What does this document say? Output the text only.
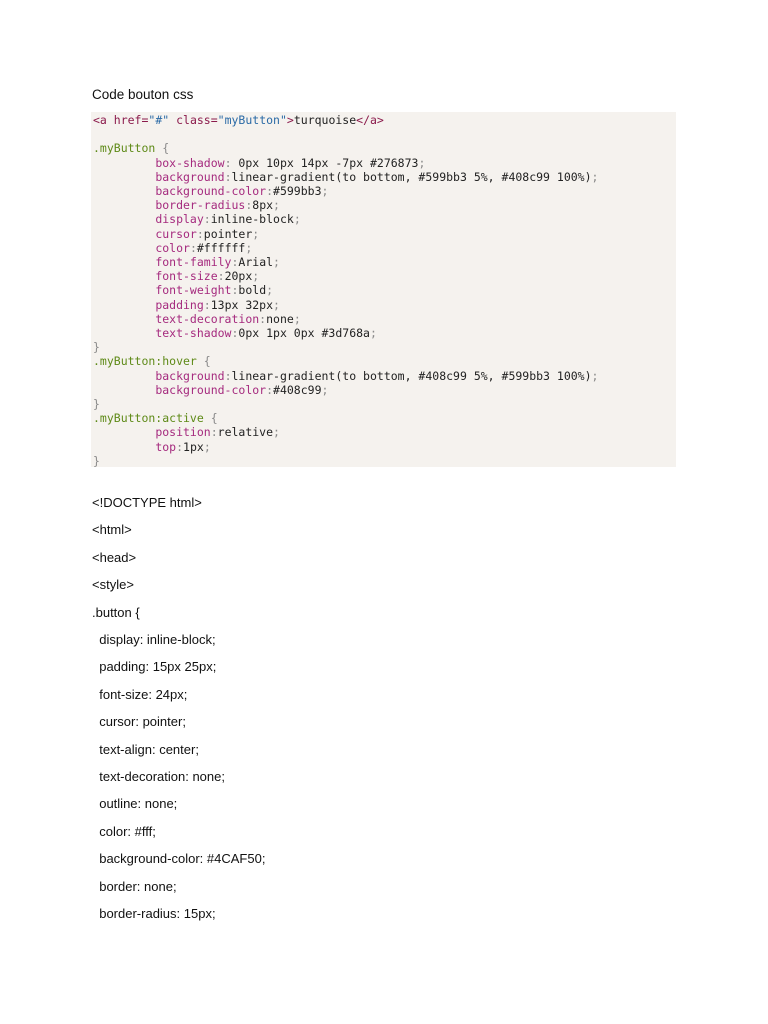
Code bouton css
<a href="#" class="myButton">turquoise</a>
.myButton {
box-shadow: 0px 10px 14px -7px #276873;
background:linear-gradient(to bottom, #599bb3 5%, #408c99 100%);
background-color:#599bb3;
border-radius:8px;
display:inline-block;
cursor:pointer;
color:#ffffff;
font-family:Arial;
font-size:20px;
font-weight:bold;
padding:13px 32px;
text-decoration:none;
text-shadow:0px 1px 0px #3d768a;
}
.myButton:hover {
background:linear-gradient(to bottom, #408c99 5%, #599bb3 100%);
background-color:#408c99;
}
.myButton:active {
position:relative;
top:1px;
}
<!DOCTYPE html>
<html>
<head>
<style>
.button {
display: inline-block;
padding: 15px 25px;
font-size: 24px;
cursor: pointer;
text-align: center;
text-decoration: none;
outline: none;
color: #fff;
background-color: #4CAF50;
border: none;
border-radius: 15px;
